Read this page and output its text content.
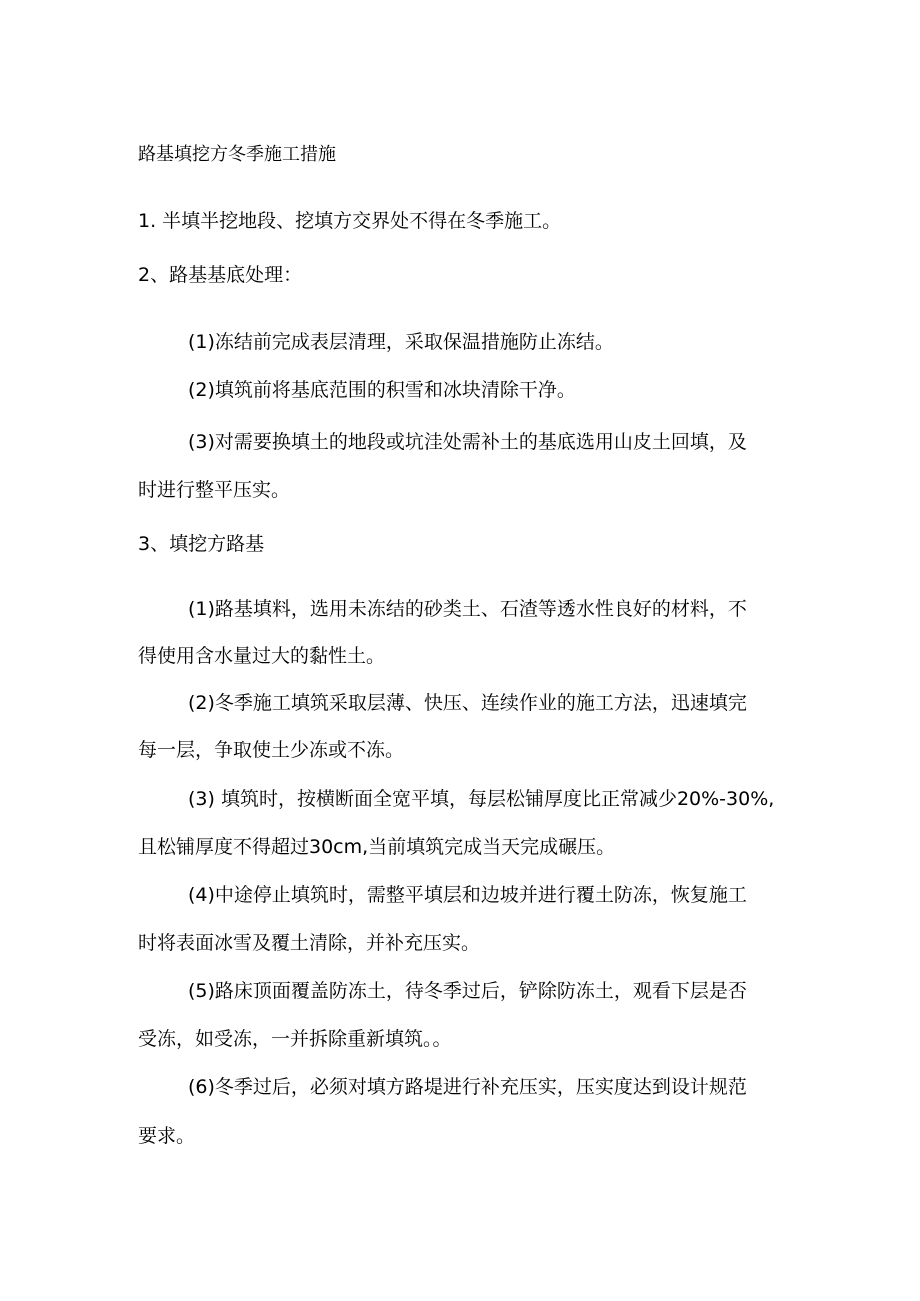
路基填挖方冬季施工措施
1. 半填半挖地段、挖填方交界处不得在冬季施工。
2、路基基底处理：
(1)冻结前完成表层清理，采取保温措施防止冻结。
(2)填筑前将基底范围的积雪和冰块清除干净。
(3)对需要换填土的地段或坑洼处需补土的基底选用山皮土回填，及
时进行整平压实。
3、填挖方路基
(1)路基填料，选用未冻结的砂类土、石渣等透水性良好的材料，不
得使用含水量过大的黏性土。
(2)冬季施工填筑采取层薄、快压、连续作业的施工方法，迅速填完
每一层，争取使土少冻或不冻。
(3) 填筑时，按横断面全宽平填，每层松铺厚度比正常减少20%-30%,
且松铺厚度不得超过30cm,当前填筑完成当天完成碾压。
(4)中途停止填筑时，需整平填层和边坡并进行覆土防冻，恢复施工
时将表面冰雪及覆土清除，并补充压实。
(5)路床顶面覆盖防冻土，待冬季过后，铲除防冻土，观看下层是否
受冻，如受冻，一并拆除重新填筑。。
(6)冬季过后，必须对填方路堤进行补充压实，压实度达到设计规范
要求。
